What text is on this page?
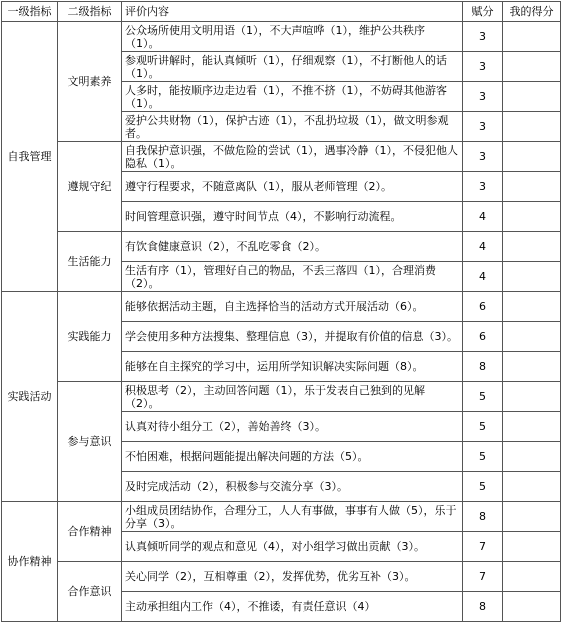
一级指标	二级指标	评价内容	赋分	我的得分
自我管理	文明素养	公众场所使用文明用语（1），不大声喧哗（1），维护公共秩序（1）。	3	
		参观听讲解时，能认真倾听（1），仔细观察（1），不打断他人的话（1）。	3	
		人多时，能按顺序边走边看（1），不推不挤（1），不妨碍其他游客（1）。	3	
		爱护公共财物（1），保护古迹（1），不乱扔垃圾（1），做文明参观者。	3	
	遵规守纪	自我保护意识强，不做危险的尝试（1），遇事冷静（1），不侵犯他人隐私（1）。	3	
		遵守行程要求，不随意离队（1），服从老师管理（2）。	3	
		时间管理意识强，遵守时间节点（4），不影响行动流程。	4	
	生活能力	有饮食健康意识（2），不乱吃零食（2）。	4	
		生活有序（1），管理好自己的物品，不丢三落四（1），合理消费（2）。	4	
实践活动	实践能力	能够依据活动主题，自主选择恰当的活动方式开展活动（6）。	6	
		学会使用多种方法搜集、整理信息（3），并提取有价值的信息（3）。	6	
		能够在自主探究的学习中，运用所学知识解决实际问题（8）。	8	
	参与意识	积极思考（2），主动回答问题（1），乐于发表自己独到的见解（2）。	5	
		认真对待小组分工（2），善始善终（3）。	5	
		不怕困难，根据问题能提出解决问题的方法（5）。	5	
		及时完成活动（2），积极参与交流分享（3）。	5	
协作精神	合作精神	小组成员团结协作，合理分工，人人有事做，事事有人做（5），乐于分享（3）。	8	
		认真倾听同学的观点和意见（4），对小组学习做出贡献（3）。	7	
	合作意识	关心同学（2），互相尊重（2），发挥优势，优劣互补（3）。	7	
		主动承担组内工作（4），不推诿，有责任意识（4）	8	
